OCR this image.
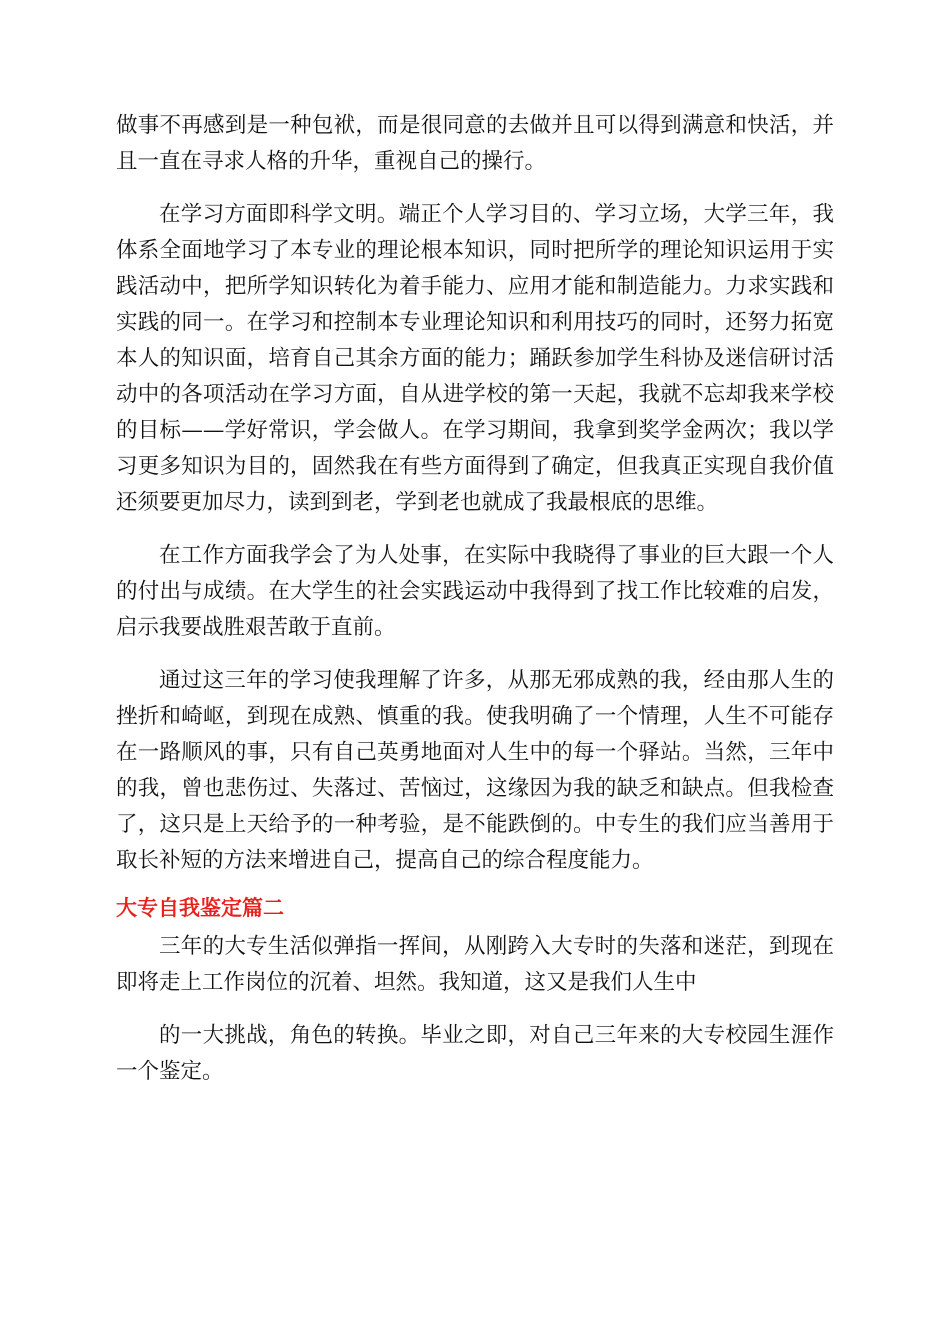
做事不再感到是一种包袱，而是很同意的去做并且可以得到满意和快活，并且一直在寻求人格的升华，重视自己的操行。

在学习方面即科学文明。端正个人学习目的、学习立场，大学三年，我体系全面地学习了本专业的理论根本知识，同时把所学的理论知识运用于实践活动中，把所学知识转化为着手能力、应用才能和制造能力。力求实践和实践的同一。在学习和控制本专业理论知识和利用技巧的同时，还努力拓宽本人的知识面，培育自己其余方面的能力；踊跃参加学生科协及迷信研讨活动中的各项活动在学习方面，自从进学校的第一天起，我就不忘却我来学校的目标——学好常识，学会做人。在学习期间，我拿到奖学金两次；我以学习更多知识为目的，固然我在有些方面得到了确定，但我真正实现自我价值还须要更加尽力，读到到老，学到老也就成了我最根底的思维。

在工作方面我学会了为人处事，在实际中我晓得了事业的巨大跟一个人的付出与成绩。在大学生的社会实践运动中我得到了找工作比较难的启发，启示我要战胜艰苦敢于直前。

通过这三年的学习使我理解了许多，从那无邪成熟的我，经由那人生的挫折和崎岖，到现在成熟、慎重的我。使我明确了一个情理，人生不可能存在一路顺风的事，只有自己英勇地面对人生中的每一个驿站。当然，三年中的我，曾也悲伤过、失落过、苦恼过，这缘因为我的缺乏和缺点。但我检查了，这只是上天给予的一种考验，是不能跌倒的。中专生的我们应当善用于取长补短的方法来增进自己，提高自己的综合程度能力。

大专自我鉴定篇二

三年的大专生活似弹指一挥间，从刚跨入大专时的失落和迷茫，到现在即将走上工作岗位的沉着、坦然。我知道，这又是我们人生中

的一大挑战，角色的转换。毕业之即，对自己三年来的大专校园生涯作一个鉴定。
